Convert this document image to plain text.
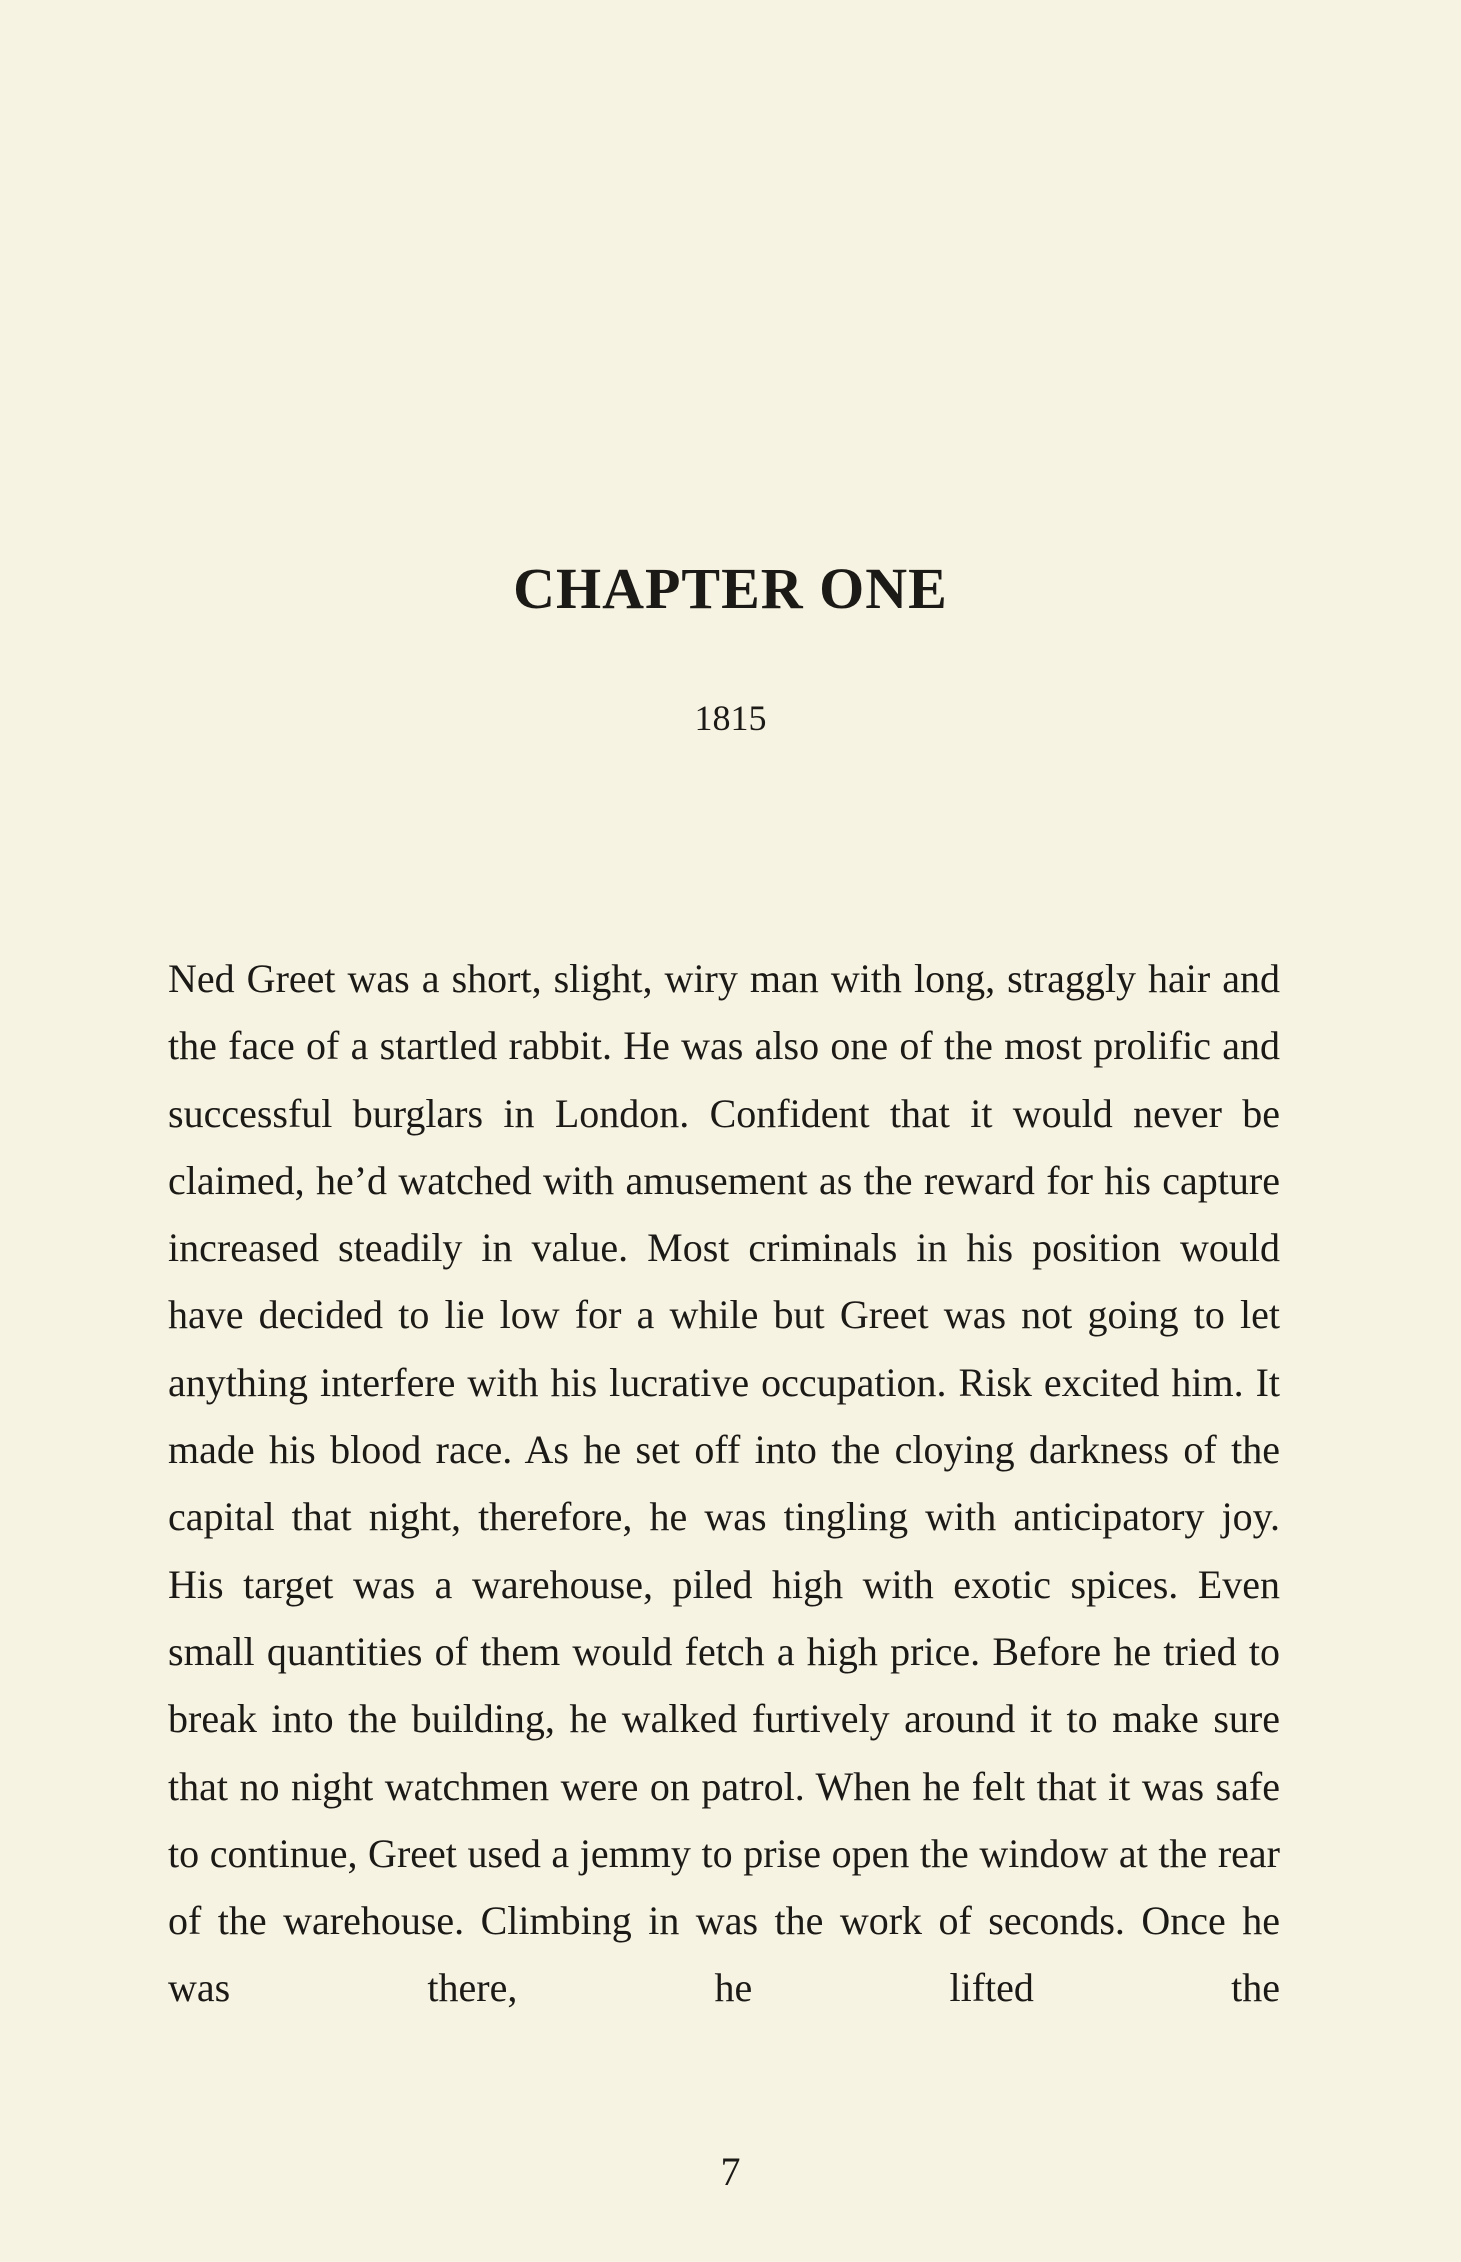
CHAPTER ONE
1815

Ned Greet was a short, slight, wiry man with long, straggly hair and the face of a startled rabbit. He was also one of the most prolific and successful burglars in London. Confident that it would never be claimed, he’d watched with amusement as the reward for his capture increased steadily in value. Most criminals in his position would have decided to lie low for a while but Greet was not going to let anything interfere with his lucrative occupation. Risk excited him. It made his blood race. As he set off into the cloying darkness of the capital that night, therefore, he was tingling with anticipatory joy. His target was a warehouse, piled high with exotic spices. Even small quantities of them would fetch a high price. Before he tried to break into the building, he walked furtively around it to make sure that no night watchmen were on patrol. When he felt that it was safe to continue, Greet used a jemmy to prise open the window at the rear of the warehouse. Climbing in was the work of seconds. Once he was there, he lifted the

7
